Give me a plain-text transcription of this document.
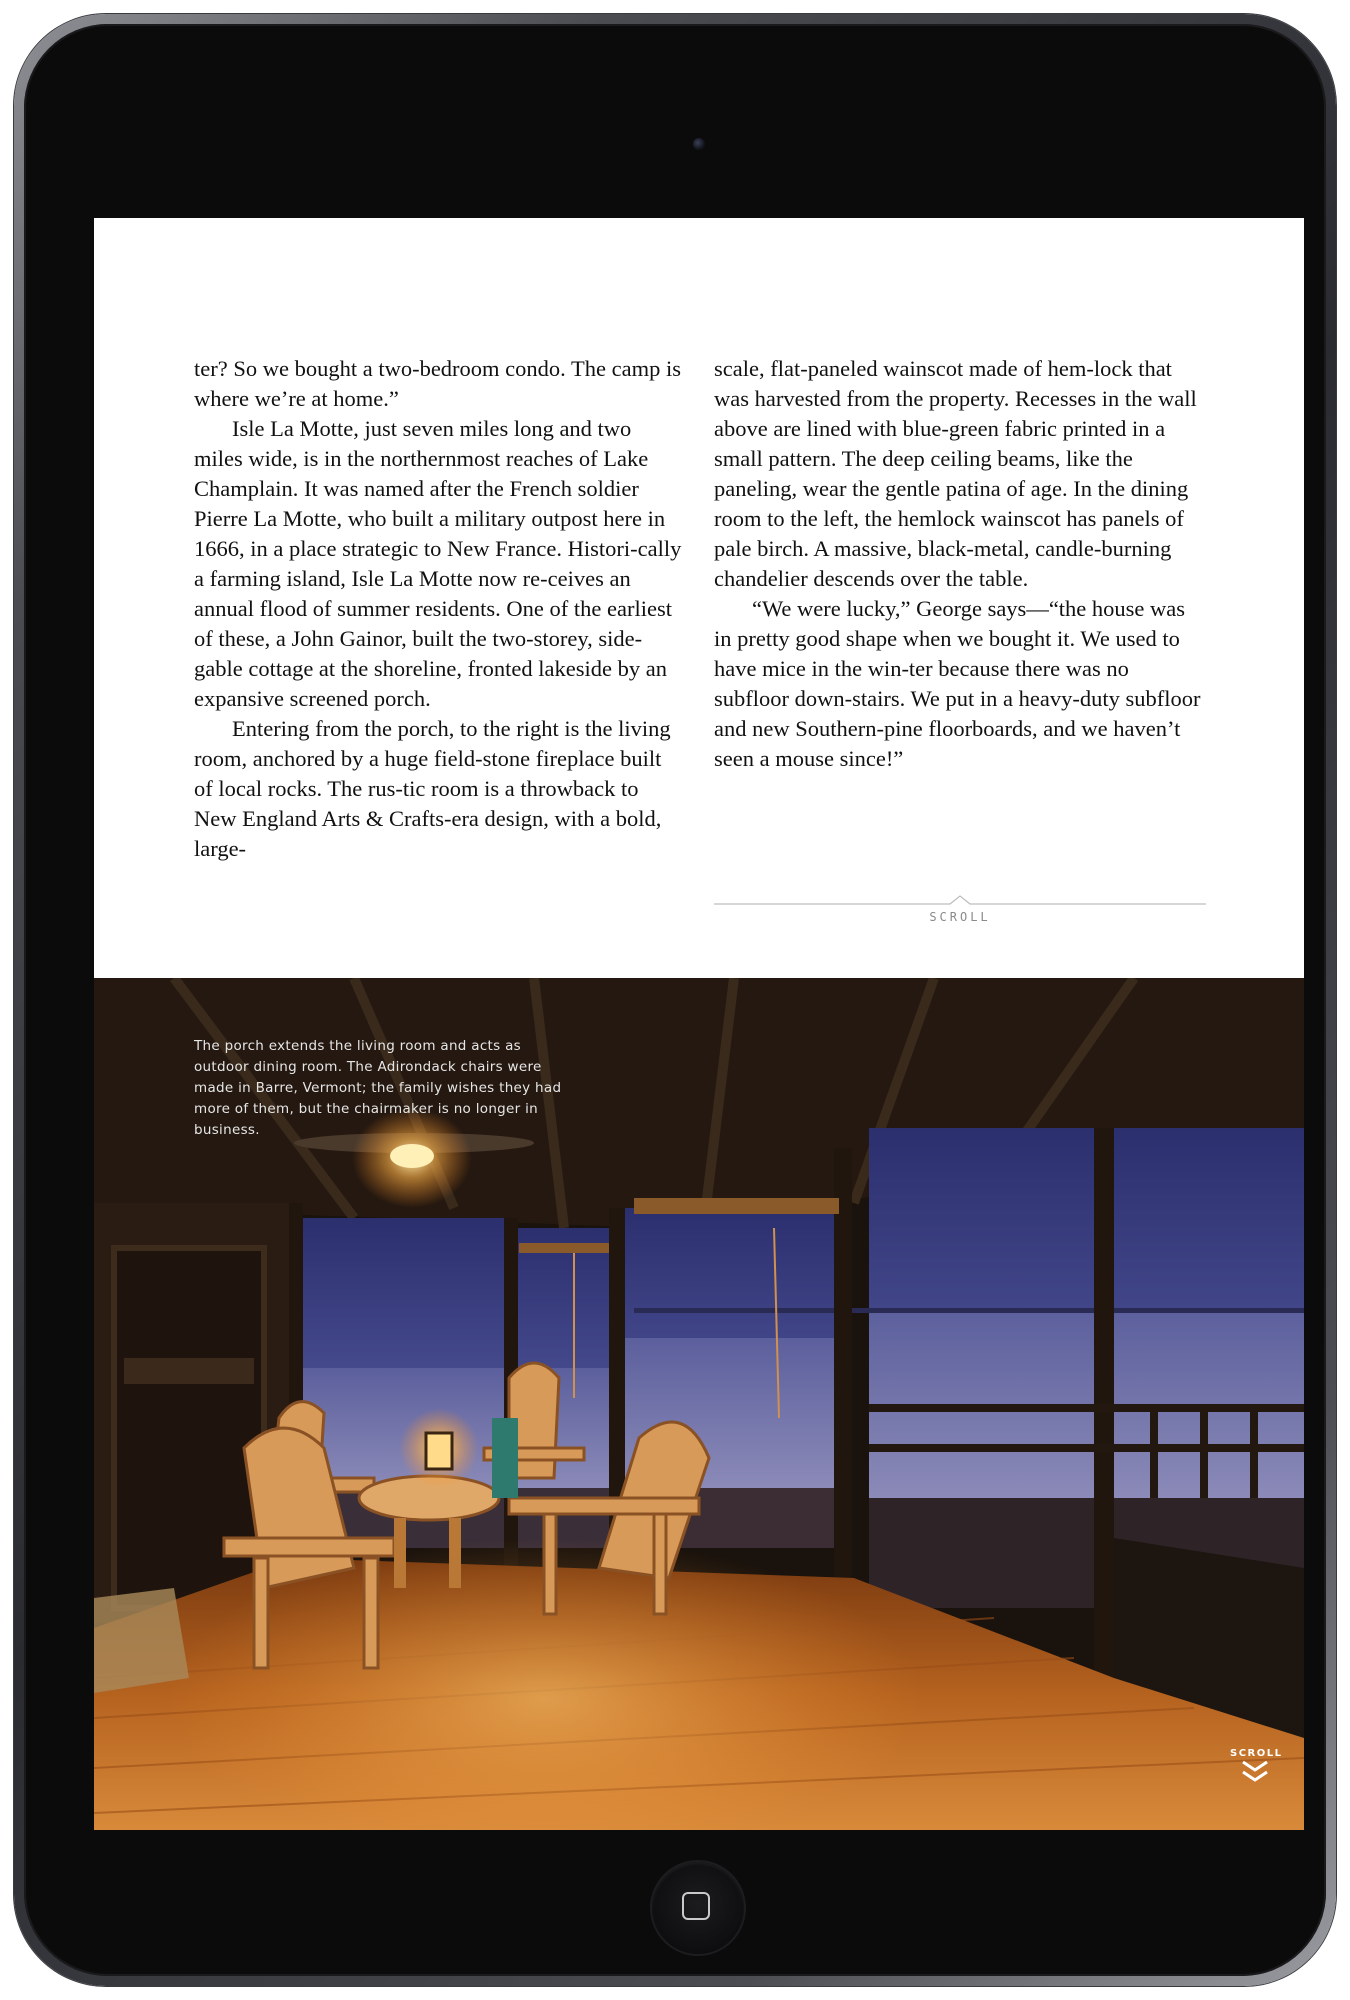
ter? So we bought a two-bedroom condo. The camp is where we’re at home.”

Isle La Motte, just seven miles long and two miles wide, is in the northernmost reaches of Lake Champlain. It was named after the French soldier Pierre La Motte, who built a military outpost here in 1666, in a place strategic to New France. Histori-cally a farming island, Isle La Motte now re-ceives an annual flood of summer residents. One of the earliest of these, a John Gainor, built the two-storey, side-gable cottage at the shoreline, fronted lakeside by an expansive screened porch.

Entering from the porch, to the right is the living room, anchored by a huge field-stone fireplace built of local rocks. The rus-tic room is a throwback to New England Arts & Crafts-era design, with a bold, large-

scale, flat-paneled wainscot made of hem-lock that was harvested from the property. Recesses in the wall above are lined with blue-green fabric printed in a small pattern. The deep ceiling beams, like the paneling, wear the gentle patina of age. In the dining room to the left, the hemlock wainscot has panels of pale birch. A massive, black-metal, candle-burning chandelier descends over the table.

“We were lucky,” George says—“the house was in pretty good shape when we bought it. We used to have mice in the win-ter because there was no subfloor down-stairs. We put in a heavy-duty subfloor and new Southern-pine floorboards, and we haven’t seen a mouse since!”

SCROLL
The porch extends the living room and acts as outdoor dining room. The Adirondack chairs were made in Barre, Vermont; the family wishes they had more of them, but the chairmaker is no longer in business.
SCROLL
